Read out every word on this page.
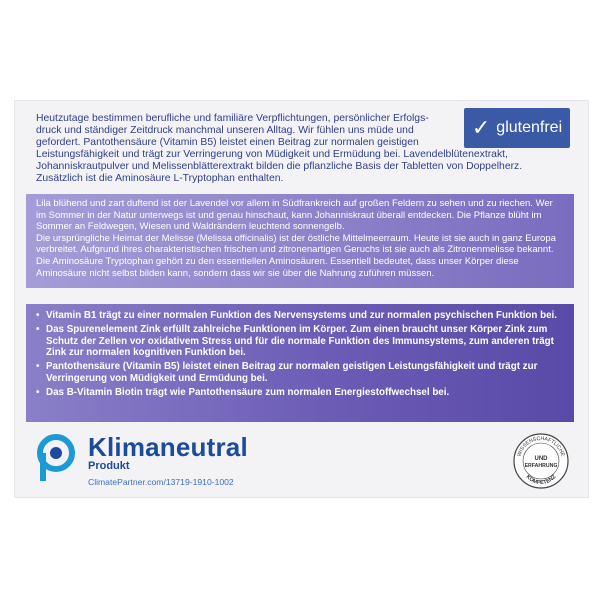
Heutzutage bestimmen berufliche und familiäre Verpflichtungen, persönlicher Erfolgs-
druck und ständiger Zeitdruck manchmal unseren Alltag. Wir fühlen uns müde und
gefordert. Pantothensäure (Vitamin B5) leistet einen Beitrag zur normalen geistigen
Leistungsfähigkeit und trägt zur Verringerung von Müdigkeit und Ermüdung bei. Lavendelblütenextrakt,
Johanniskrautpulver und Melissenblätterextrakt bilden die pflanzliche Basis der Tabletten von Doppelherz.
Zusätzlich ist die Aminosäure L-Tryptophan enthalten.
✓ glutenfrei

Lila blühend und zart duftend ist der Lavendel vor allem in Südfrankreich auf großen Feldern zu sehen und zu riechen. Wer im Sommer in der Natur unterwegs ist und genau hinschaut, kann Johanniskraut überall entdecken. Die Pflanze blüht im Sommer an Feldwegen, Wiesen und Waldrändern leuchtend sonnengelb.

Die ursprüngliche Heimat der Melisse (Melissa officinalis) ist der östliche Mittelmeerraum. Heute ist sie auch in ganz Europa verbreitet. Aufgrund ihres charakteristischen frischen und zitronenartigen Geruchs ist sie auch als Zitronenmelisse bekannt.

Die Aminosäure Tryptophan gehört zu den essentiellen Aminosäuren. Essentiell bedeutet, dass unser Körper diese Aminosäure nicht selbst bilden kann, sondern dass wir sie über die Nahrung zuführen müssen.

• Vitamin B1 trägt zu einer normalen Funktion des Nervensystems und zur normalen psychischen Funktion bei.
• Das Spurenelement Zink erfüllt zahlreiche Funktionen im Körper. Zum einen braucht unser Körper Zink zum Schutz der Zellen vor oxidativem Stress und für die normale Funktion des Immunsystems, zum anderen trägt Zink zur normalen kognitiven Funktion bei.
• Pantothensäure (Vitamin B5) leistet einen Beitrag zur normalen geistigen Leistungsfähigkeit und trägt zur Verringerung von Müdigkeit und Ermüdung bei.
• Das B-Vitamin Biotin trägt wie Pantothensäure zum normalen Energiestoffwechsel bei.
Klimaneutral
Produkt
ClimatePartner.com/13719-1910-1002
WISSENSCHAFTLICHE
UND
ERFAHRUNG
KOMPETENZ
